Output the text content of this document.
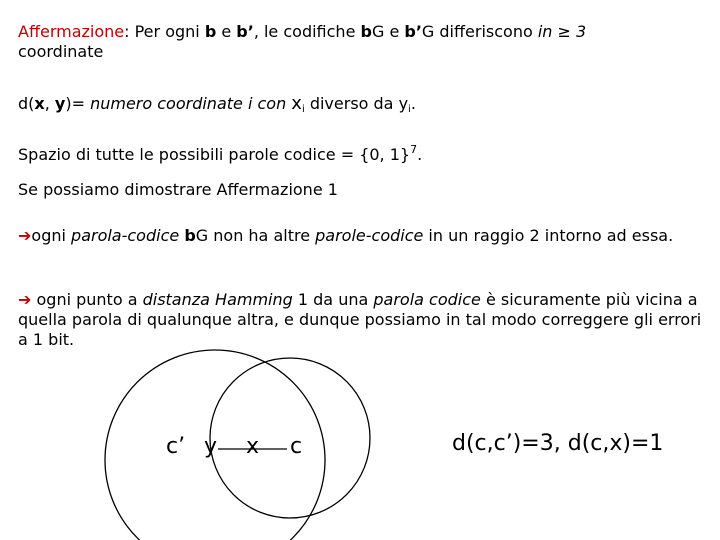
Affermazione: Per ogni b e b’, le codifiche bG e b’G differiscono in ≥ 3
coordinate
d(x, y)= numero coordinate i con $x_i$ diverso da $y_i$.
Spazio di tutte le possibili parole codice = {0, 1}$^7$.
Se possiamo dimostrare Affermazione 1
➔ogni parola-codice bG non ha altre parole-codice in un raggio 2 intorno ad essa.
➔ ogni punto a distanza Hamming 1 da una parola codice è sicuramente più vicina a quella parola di qualunque altra, e dunque possiamo in tal modo correggere gli errori a 1 bit.
c’ y x c	d(c,c’)=3, d(c,x)=1
